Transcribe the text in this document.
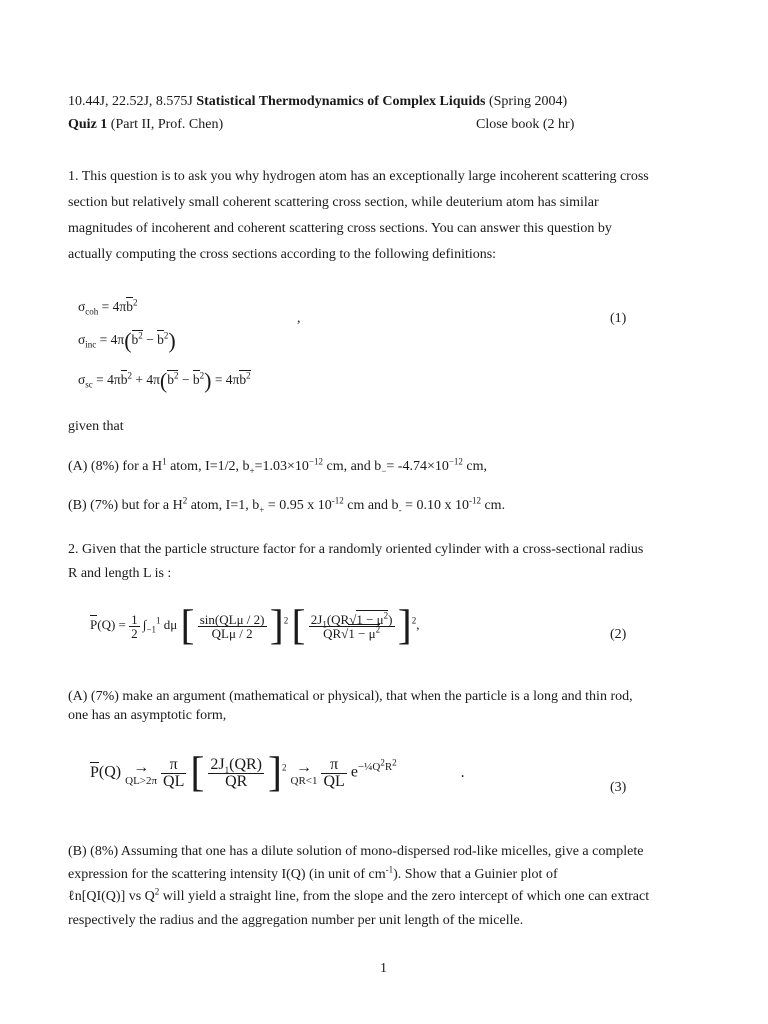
10.44J, 22.52J, 8.575J Statistical Thermodynamics of Complex Liquids (Spring 2004)
Quiz 1 (Part II, Prof. Chen)	Close book (2 hr)
1. This question is to ask you why hydrogen atom has an exceptionally large incoherent scattering cross
section but relatively small coherent scattering cross section, while deuterium atom has similar
magnitudes of incoherent and coherent scattering cross sections. You can answer this question by
actually computing the cross sections according to the following definitions:
$\sigma_{coh} = 4\pi b^2$
$\sigma_{inc} = 4\pi(b^2 - b^2)$
$\sigma_{sc} = 4\pi b^2 + 4\pi(b^2 - b^2) = 4\pi b^2$
,	(1)
given that
(A) (8%) for a $H^1$ atom, I=1/2, $b_+=1.03\times 10^{-12}$ cm, and $b_-= -4.74\times 10^{-12}$ cm,
(B) (7%) but for a $H^2$ atom, I=1, $b_+ = 0.95$ x $10^{-12}$ cm and $b_- = 0.10$ x $10^{-12}$ cm.
2. Given that the particle structure factor for a randomly oriented cylinder with a cross-sectional radius
R and length L is :
$P(Q) = \frac{1}{2} \int_{-1}^1$ dμ [ $\frac{\text{sin(QLμ / 2)}}{\text{QLμ / 2}} ]^2$ [ $\frac{2J_1(QR√1 - \mu^2)}{QR√1 - \mu^2} ]^2$,
(2)
(A) (7%) make an argument (mathematical or physical), that when the particle is a long and thin rod,
one has an asymptotic form,
P(Q) →
QL>2π
$\frac{\pi}{QL}$ [ $\frac{2J_1(QR)}{QR} ]^2$ →
QR<1
$\frac{\pi}{QL} e^{-\frac{1}{4}Q^2R^2}$ .
(3)
(B) (8%) Assuming that one has a dilute solution of mono-dispersed rod-like micelles, give a complete
expression for the scattering intensity I(Q) (in unit of $cm^{-1}$). Show that a Guinier plot of
ℓn[QI(Q)] vs $Q^2$ will yield a straight line, from the slope and the zero intercept of which one can extract
respectively the radius and the aggregation number per unit length of the micelle.
1
